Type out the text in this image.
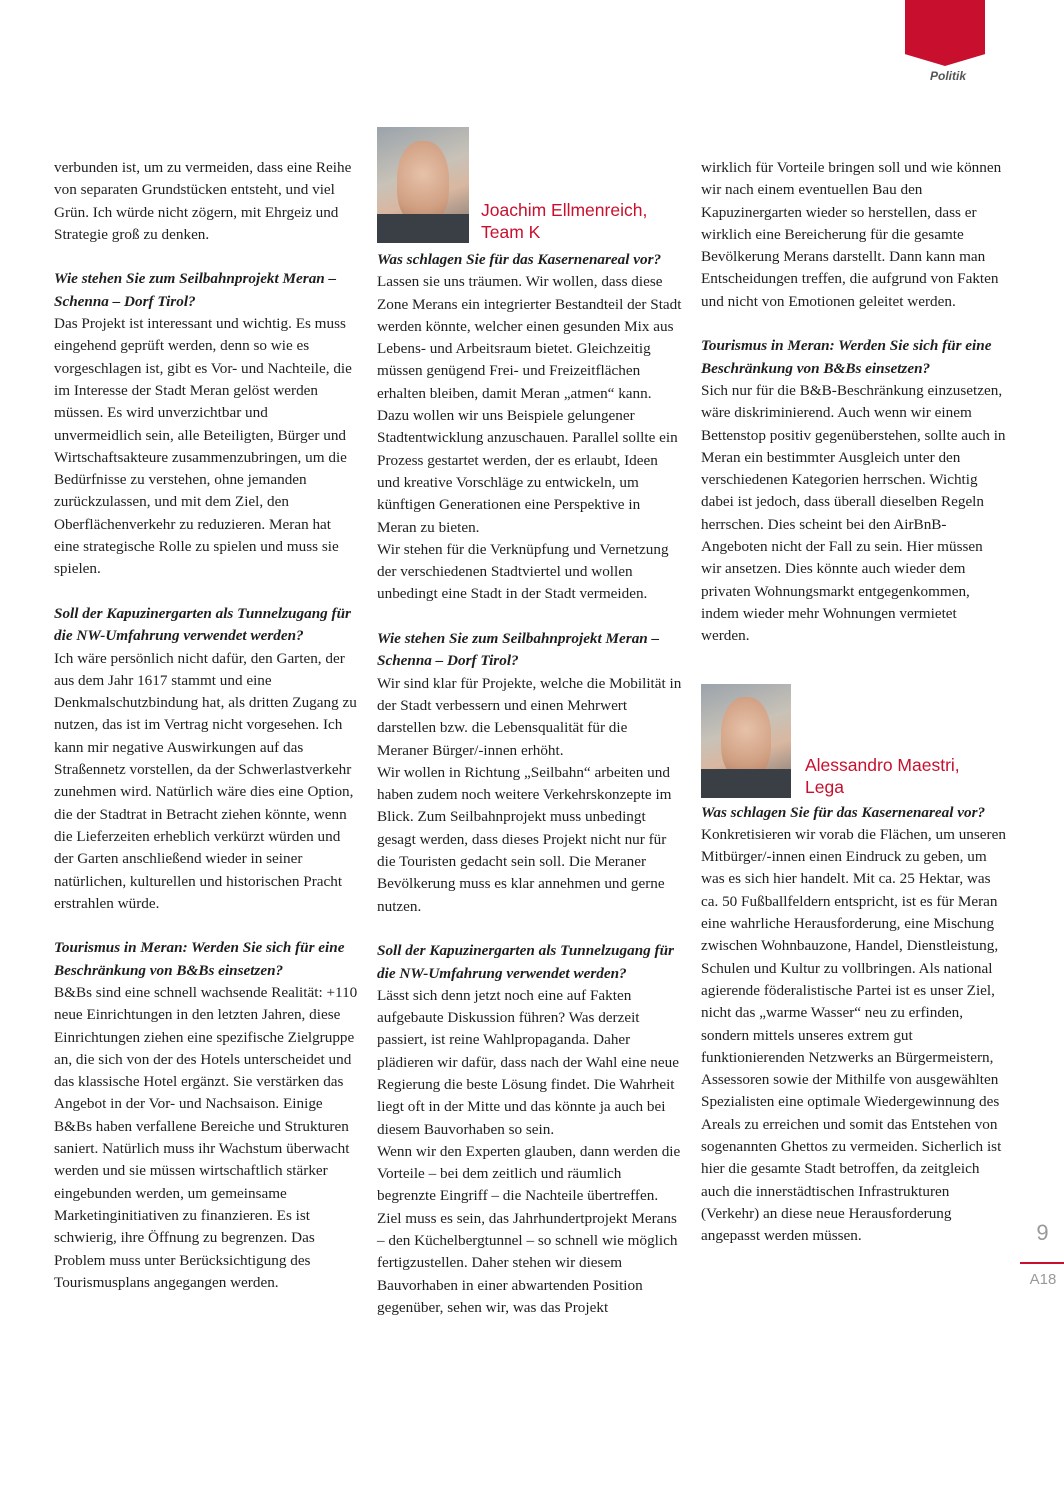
Politik

verbunden ist, um zu vermeiden, dass eine Reihe von separaten Grundstücken entsteht, und viel Grün. Ich würde nicht zögern, mit Ehrgeiz und Strategie groß zu denken.

Wie stehen Sie zum Seilbahnprojekt Meran – Schenna – Dorf Tirol?

Das Projekt ist interessant und wichtig. Es muss eingehend geprüft werden, denn so wie es vorgeschlagen ist, gibt es Vor- und Nachteile, die im Interesse der Stadt Meran gelöst werden müssen. Es wird unverzichtbar und unvermeidlich sein, alle Beteiligten, Bürger und Wirtschaftsakteure zusammenzubringen, um die Bedürfnisse zu verstehen, ohne jemanden zurückzulassen, und mit dem Ziel, den Oberflächenverkehr zu reduzieren. Meran hat eine strategische Rolle zu spielen und muss sie spielen.

Soll der Kapuzinergarten als Tunnelzugang für die NW-Umfahrung verwendet werden?

Ich wäre persönlich nicht dafür, den Garten, der aus dem Jahr 1617 stammt und eine Denkmalschutzbindung hat, als dritten Zugang zu nutzen, das ist im Vertrag nicht vorgesehen. Ich kann mir negative Auswirkungen auf das Straßennetz vorstellen, da der Schwerlastverkehr zunehmen wird. Natürlich wäre dies eine Option, die der Stadtrat in Betracht ziehen könnte, wenn die Lieferzeiten erheblich verkürzt würden und der Garten anschließend wieder in seiner natürlichen, kulturellen und historischen Pracht erstrahlen würde.

Tourismus in Meran: Werden Sie sich für eine Beschränkung von B&Bs einsetzen?

B&Bs sind eine schnell wachsende Realität: +110 neue Einrichtungen in den letzten Jahren, diese Einrichtungen ziehen eine spezifische Zielgruppe an, die sich von der des Hotels unterscheidet und das klassische Hotel ergänzt. Sie verstärken das Angebot in der Vor- und Nachsaison. Einige B&Bs haben verfallene Bereiche und Strukturen saniert. Natürlich muss ihr Wachstum überwacht werden und sie müssen wirtschaftlich stärker eingebunden werden, um gemeinsame Marketinginitiativen zu finanzieren. Es ist schwierig, ihre Öffnung zu begrenzen. Das Problem muss unter Berücksichtigung des Tourismusplans angegangen werden.

Joachim Ellmenreich,
Team K

Was schlagen Sie für das Kasernenareal vor?

Lassen sie uns träumen. Wir wollen, dass diese Zone Merans ein integrierter Bestandteil der Stadt werden könnte, welcher einen gesunden Mix aus Lebens- und Arbeitsraum bietet. Gleichzeitig müssen genügend Frei- und Freizeitflächen erhalten bleiben, damit Meran „atmen“ kann.

Dazu wollen wir uns Beispiele gelungener Stadtentwicklung anzuschauen. Parallel sollte ein Prozess gestartet werden, der es erlaubt, Ideen und kreative Vorschläge zu entwickeln, um künftigen Generationen eine Perspektive in Meran zu bieten.

Wir stehen für die Verknüpfung und Vernetzung der verschiedenen Stadtviertel und wollen unbedingt eine Stadt in der Stadt vermeiden.

Wie stehen Sie zum Seilbahnprojekt Meran – Schenna – Dorf Tirol?

Wir sind klar für Projekte, welche die Mobilität in der Stadt verbessern und einen Mehrwert darstellen bzw. die Lebensqualität für die Meraner Bürger/-innen erhöht.

Wir wollen in Richtung „Seilbahn“ arbeiten und haben zudem noch weitere Verkehrskonzepte im Blick. Zum Seilbahnprojekt muss unbedingt gesagt werden, dass dieses Projekt nicht nur für die Touristen gedacht sein soll. Die Meraner Bevölkerung muss es klar annehmen und gerne nutzen.

Soll der Kapuzinergarten als Tunnelzugang für die NW-Umfahrung verwendet werden?

Lässt sich denn jetzt noch eine auf Fakten aufgebaute Diskussion führen? Was derzeit passiert, ist reine Wahlpropaganda. Daher plädieren wir dafür, dass nach der Wahl eine neue Regierung die beste Lösung findet. Die Wahrheit liegt oft in der Mitte und das könnte ja auch bei diesem Bauvorhaben so sein.

Wenn wir den Experten glauben, dann werden die Vorteile – bei dem zeitlich und räumlich begrenzte Eingriff – die Nachteile übertreffen. Ziel muss es sein, das Jahrhundertprojekt Merans – den Küchelbergtunnel – so schnell wie möglich fertigzustellen. Daher stehen wir diesem Bauvorhaben in einer abwartenden Position gegenüber, sehen wir, was das Projekt

wirklich für Vorteile bringen soll und wie können wir nach einem eventuellen Bau den Kapuzinergarten wieder so herstellen, dass er wirklich eine Bereicherung für die gesamte Bevölkerung Merans darstellt. Dann kann man Entscheidungen treffen, die aufgrund von Fakten und nicht von Emotionen geleitet werden.

Tourismus in Meran: Werden Sie sich für eine Beschränkung von B&Bs einsetzen?

Sich nur für die B&B-Beschränkung einzusetzen, wäre diskriminierend. Auch wenn wir einem Bettenstop positiv gegenüberstehen, sollte auch in Meran ein bestimmter Ausgleich unter den verschiedenen Kategorien herrschen. Wichtig dabei ist jedoch, dass überall dieselben Regeln herrschen. Dies scheint bei den AirBnB-Angeboten nicht der Fall zu sein. Hier müssen wir ansetzen. Dies könnte auch wieder dem privaten Wohnungsmarkt entgegenkommen, indem wieder mehr Wohnungen vermietet werden.

Alessandro Maestri,
Lega

Was schlagen Sie für das Kasernenareal vor?

Konkretisieren wir vorab die Flächen, um unseren Mitbürger/-innen einen Eindruck zu geben, um was es sich hier handelt. Mit ca. 25 Hektar, was ca. 50 Fußballfeldern entspricht, ist es für Meran eine wahrliche Herausforderung, eine Mischung zwischen Wohnbauzone, Handel, Dienstleistung, Schulen und Kultur zu vollbringen. Als national agierende föderalistische Partei ist es unser Ziel, nicht das „warme Wasser“ neu zu erfinden, sondern mittels unseres extrem gut funktionierenden Netzwerks an Bürgermeistern, Assessoren sowie der Mithilfe von ausgewählten Spezialisten eine optimale Wiedergewinnung des Areals zu erreichen und somit das Entstehen von sogenannten Ghettos zu vermeiden. Sicherlich ist hier die gesamte Stadt betroffen, da zeitgleich auch die innerstädtischen Infrastrukturen (Verkehr) an diese neue Herausforderung angepasst werden müssen.	9
A18
